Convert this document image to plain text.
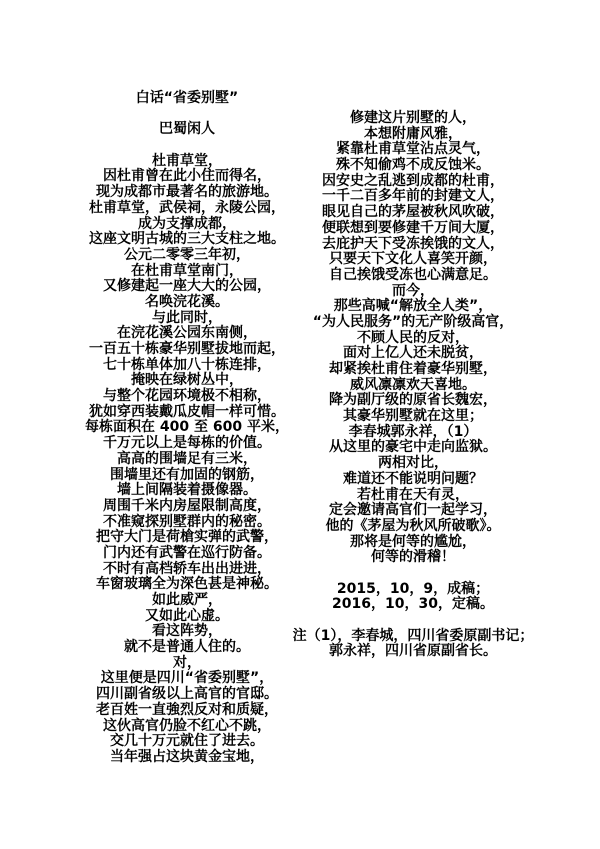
白话“省委别墅”
巴蜀闲人
杜甫草堂，
因杜甫曾在此小住而得名，
现为成都市最著名的旅游地。
杜甫草堂，武侯祠，永陵公园，
成为支撑成都，
这座文明古城的三大支柱之地。
公元二零零三年初，
在杜甫草堂南门，
又修建起一座大大的公园，
名唤浣花溪。
与此同时，
在浣花溪公园东南侧，
一百五十栋豪华别墅拔地而起，
七十栋单体加八十栋连排，
掩映在绿树丛中，
与整个花园环境极不相称，
犹如穿西装戴瓜皮帽一样可惜。
每栋面积在 400 至 600 平米，
千万元以上是每栋的价值。
高高的围墙足有三米，
围墙里还有加固的钢筋，
墙上间隔装着摄像器。
周围千米内房屋限制高度，
不准窥探别墅群内的秘密。
把守大门是荷槍实弹的武警，
门内还有武警在巡行防备。
不时有高档轿车出出进进，
车窗玻璃全为深色甚是神秘。
如此威严，
又如此心虚。
看这阵势，
就不是普通人住的。
对，
这里便是四川“省委别墅”，
四川副省级以上高官的官邸。
老百姓一直強烈反对和质疑，
这伙高官仍脸不红心不跳，
交几十万元就住了进去。
当年强占这块黄金宝地，
修建这片别墅的人，
本想附庸风雅，
紧靠杜甫草堂沾点灵气，
殊不知偷鸡不成反蚀米。
因安史之乱逃到成都的杜甫，
一千二百多年前的封建文人，
眼见自己的茅屋被秋风吹破，
便联想到要修建千万间大厦，
去庇护天下受冻挨饿的文人，
只要天下文化人喜笑开颜，
自己挨饿受冻也心满意足。
而今，
那些高喊“解放全人类”，
“为人民服务”的无产阶级高官，
不顾人民的反对，
面对上亿人还未脱贫，
却紧挨杜甫住着豪华别墅，
威风凛凛欢天喜地。
降为副厅级的原省长魏宏，
其豪华别墅就在这里；
李春城郭永祥，（1）
从这里的豪宅中走向监狱。
两相对比，
难道还不能说明问题？
若杜甫在天有灵，
定会邀请高官们一起学习，
他的《茅屋为秋风所破歌》。
那将是何等的尴尬，
何等的滑稽！
2015，10，9，成稿；
2016，10，30，定稿。
注（1），李春城，四川省委原副书记；
郭永祥，四川省原副省长。
